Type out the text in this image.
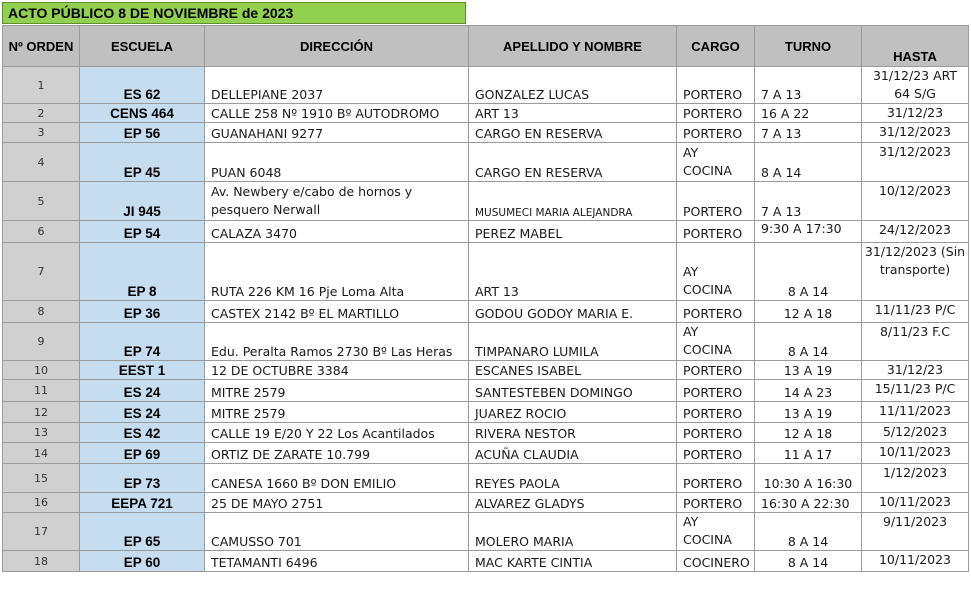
ACTO PÚBLICO 8 DE NOVIEMBRE de 2023
Nº ORDEN	ESCUELA	DIRECCIÓN	APELLIDO Y NOMBRE	CARGO	TURNO	HASTA
1	ES 62	DELLEPIANE 2037	GONZALEZ LUCAS	PORTERO	7 A 13	31/12/23 ART 64 S/G
2	CENS 464	CALLE 258 Nº 1910 Bº AUTODROMO	ART 13	PORTERO	16 A 22	31/12/23
3	EP 56	GUANAHANI 9277	CARGO EN RESERVA	PORTERO	7 A 13	31/12/2023
4	EP 45	PUAN 6048	CARGO EN RESERVA	AY COCINA	8 A 14	31/12/2023
5	JI 945	Av. Newbery e/cabo de hornos y pesquero Nerwall	MUSUMECI MARIA ALEJANDRA	PORTERO	7 A 13	10/12/2023
6	EP 54	CALAZA 3470	PEREZ MABEL	PORTERO	9:30 A 17:30	24/12/2023
7	EP 8	RUTA 226 KM 16 Pje Loma Alta	ART 13	AY COCINA	8 A 14	31/12/2023 (Sin transporte)
8	EP 36	CASTEX 2142 Bº EL MARTILLO	GODOU GODOY MARIA E.	PORTERO	12 A 18	11/11/23 P/C
9	EP 74	Edu. Peralta Ramos 2730 Bº Las Heras	TIMPANARO LUMILA	AY COCINA	8 A 14	8/11/23 F.C
10	EEST 1	12 DE OCTUBRE 3384	ESCANES ISABEL	PORTERO	13 A 19	31/12/23
11	ES 24	MITRE 2579	SANTESTEBEN DOMINGO	PORTERO	14 A 23	15/11/23 P/C
12	ES 24	MITRE 2579	JUAREZ ROCIO	PORTERO	13 A 19	11/11/2023
13	ES 42	CALLE 19 E/20 Y 22 Los Acantilados	RIVERA NESTOR	PORTERO	12 A 18	5/12/2023
14	EP 69	ORTIZ DE ZARATE 10.799	ACUÑA CLAUDIA	PORTERO	11 A 17	10/11/2023
15	EP 73	CANESA 1660 Bº DON EMILIO	REYES PAOLA	PORTERO	10:30 A 16:30	1/12/2023
16	EEPA 721	25 DE MAYO 2751	ALVAREZ GLADYS	PORTERO	16:30 A 22:30	10/11/2023
17	EP 65	CAMUSSO 701	MOLERO MARIA	AY COCINA	8 A 14	9/11/2023
18	EP 60	TETAMANTI 6496	MAC KARTE CINTIA	COCINERO	8 A 14	10/11/2023
